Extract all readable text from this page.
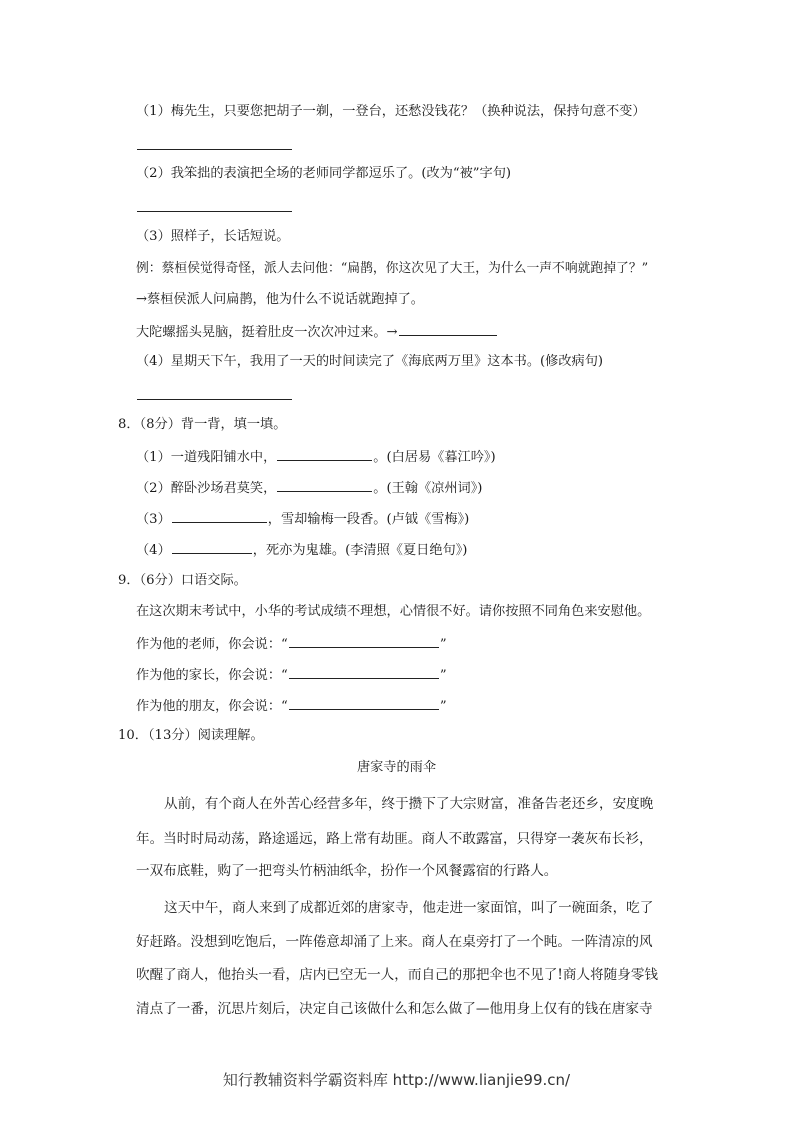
（1）梅先生，只要您把胡子一剃，一登台，还愁没钱花？（换种说法，保持句意不变）
（2）我笨拙的表演把全场的老师同学都逗乐了。(改为“被”字句)
（3）照样子，长话短说。
例：蔡桓侯觉得奇怪，派人去问他：“扁鹊，你这次见了大王，为什么一声不响就跑掉了？”
→蔡桓侯派人问扁鹊，他为什么不说话就跑掉了。
大陀螺摇头晃脑，挺着肚皮一次次冲过来。→
（4）星期天下午，我用了一天的时间读完了《海底两万里》这本书。(修改病句)
8．（8分）背一背，填一填。
（1）一道残阳铺水中，	。(白居易《暮江吟》)
（2）醉卧沙场君莫笑，	。(王翰《凉州词》)
（3）	，雪却输梅一段香。(卢钺《雪梅》)
（4）	，死亦为鬼雄。(李清照《夏日绝句》)
9．（6分）口语交际。
在这次期末考试中，小华的考试成绩不理想，心情很不好。请你按照不同角色来安慰他。
作为他的老师，你会说：“	”
作为他的家长，你会说：“	”
作为他的朋友，你会说：“	”
10．（13分）阅读理解。
唐家寺的雨伞
从前，有个商人在外苦心经营多年，终于攒下了大宗财富，准备告老还乡，安度晚
年。当时时局动荡，路途遥远，路上常有劫匪。商人不敢露富，只得穿一袭灰布长衫，
一双布底鞋，购了一把弯头竹柄油纸伞，扮作一个风餐露宿的行路人。
这天中午，商人来到了成都近郊的唐家寺，他走进一家面馆，叫了一碗面条，吃了
好赶路。没想到吃饱后，一阵倦意却涌了上来。商人在桌旁打了一个盹。一阵清凉的风
吹醒了商人，他抬头一看，店内已空无一人，而自己的那把伞也不见了!商人将随身零钱
清点了一番，沉思片刻后，决定自己该做什么和怎么做了—他用身上仅有的钱在唐家寺
知行教辅资料学霸资料库 http://www.lianjie99.cn/
